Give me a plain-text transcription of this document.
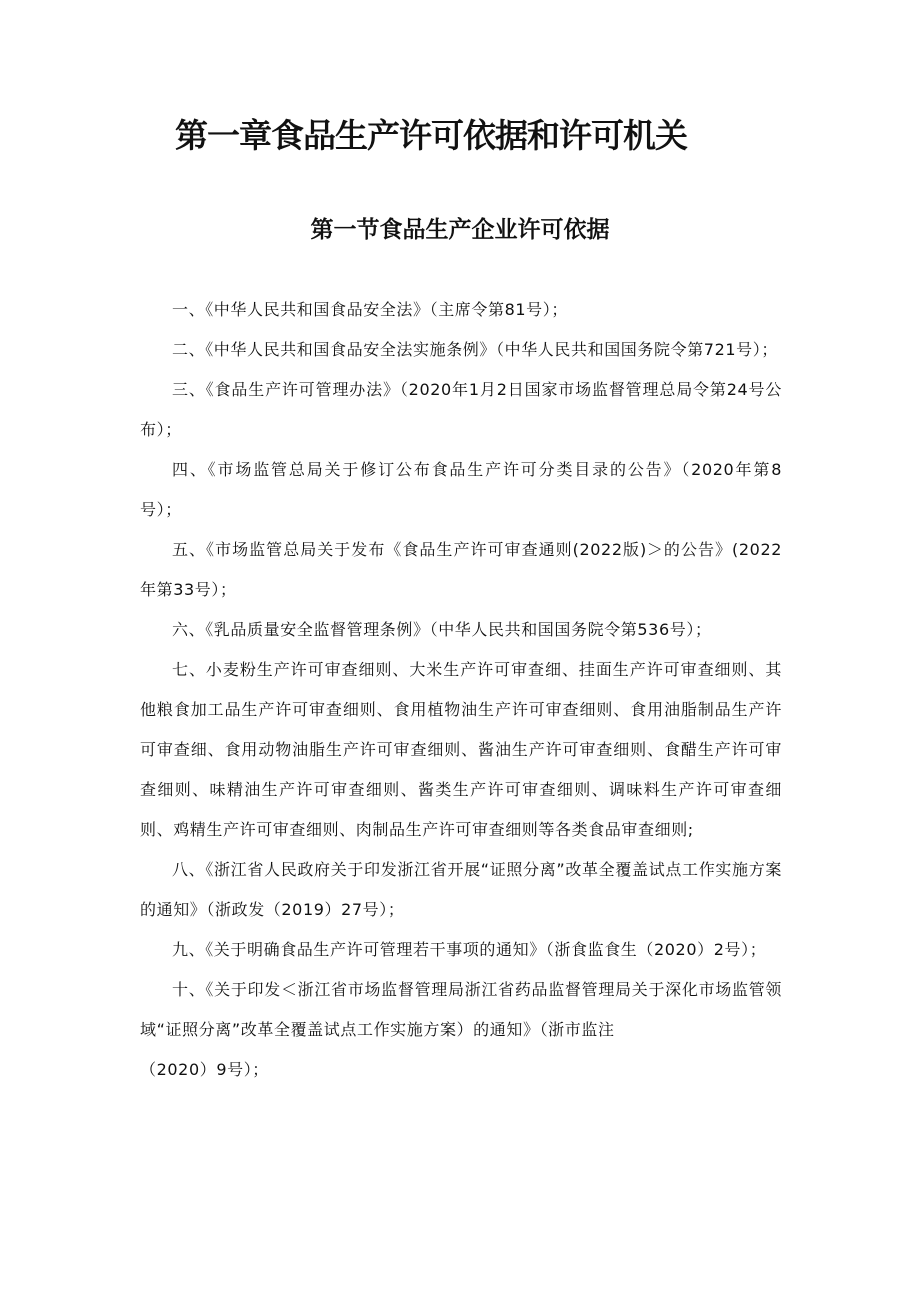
第一章食品生产许可依据和许可机关
第一节食品生产企业许可依据

一、《中华人民共和国食品安全法》（主席令第81号）；

二、《中华人民共和国食品安全法实施条例》（中华人民共和国国务院令第721号）；

三、《食品生产许可管理办法》（2020年1月2日国家市场监督管理总局令第24号公布）；

四、《市场监管总局关于修订公布食品生产许可分类目录的公告》（2020年第8号）；

五、《市场监管总局关于发布《食品生产许可审查通则(2022版)＞的公告》(2022年第33号）；

六、《乳品质量安全监督管理条例》（中华人民共和国国务院令第536号）；

七、小麦粉生产许可审查细则、大米生产许可审查细、挂面生产许可审查细则、其他粮食加工品生产许可审查细则、食用植物油生产许可审查细则、食用油脂制品生产许可审查细、食用动物油脂生产许可审查细则、酱油生产许可审查细则、食醋生产许可审查细则、味精油生产许可审查细则、酱类生产许可审查细则、调味料生产许可审查细则、鸡精生产许可审查细则、肉制品生产许可审查细则等各类食品审查细则;

八、《浙江省人民政府关于印发浙江省开展“证照分离”改革全覆盖试点工作实施方案的通知》（浙政发（2019）27号）；

九、《关于明确食品生产许可管理若干事项的通知》（浙食监食生（2020）2号）；

十、《关于印发＜浙江省市场监督管理局浙江省药品监督管理局关于深化市场监管领域“证照分离”改革全覆盖试点工作实施方案）的通知》（浙市监注

（2020）9号）；
